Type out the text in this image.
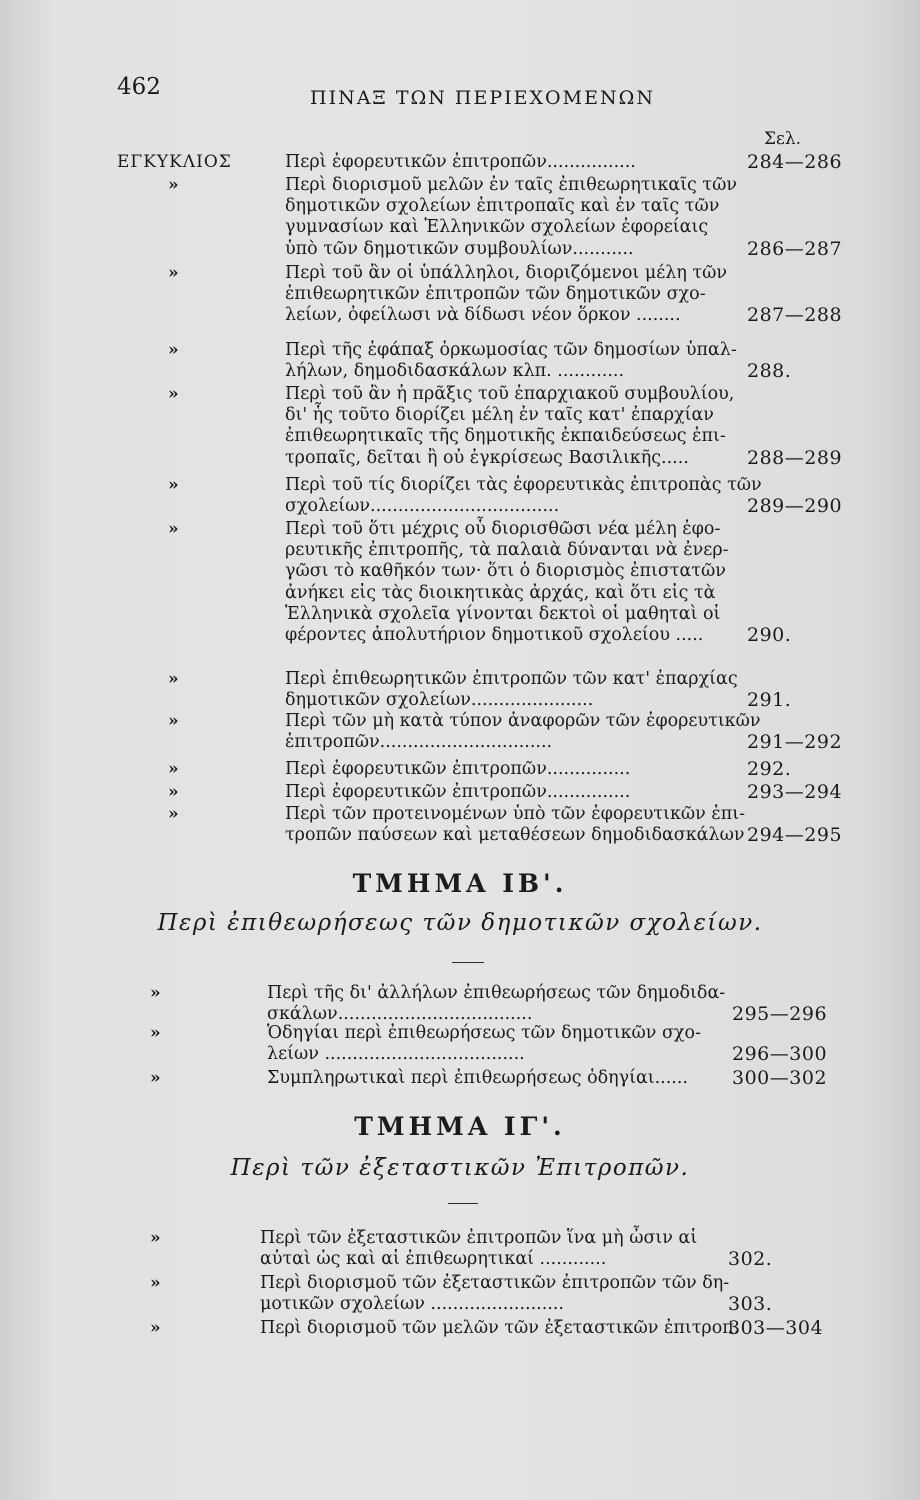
462	ΠΙΝΑΞ ΤΩΝ ΠΕΡΙΕΧΟΜΕΝΩΝ
Σελ.
ΕΓΚΥΚΛΙΟΣ	Περὶ ἐφορευτικῶν ἐπιτροπῶν................	284—286
»	Περὶ διορισμοῦ μελῶν ἐν ταῖς ἐπιθεωρητικαῖς τῶν
δημοτικῶν σχολείων ἐπιτροπαῖς καὶ ἐν ταῖς τῶν
γυμνασίων καὶ Ἑλληνικῶν σχολείων ἐφορείαις
ὑπὸ τῶν δημοτικῶν συμβουλίων...........	286—287
»	Περὶ τοῦ ἂν οἱ ὑπάλληλοι, διοριζόμενοι μέλη τῶν
ἐπιθεωρητικῶν ἐπιτροπῶν τῶν δημοτικῶν σχο-
λείων, ὀφείλωσι νὰ δίδωσι νέον ὅρκον ........	287—288
»	Περὶ τῆς ἐφάπαξ ὁρκωμοσίας τῶν δημοσίων ὑπαλ-
λήλων, δημοδιδασκάλων κλπ. ............	288.
»	Περὶ τοῦ ἂν ἡ πρᾶξις τοῦ ἐπαρχιακοῦ συμβουλίου,
δι' ἧς τοῦτο διορίζει μέλη ἐν ταῖς κατ' ἐπαρχίαν
ἐπιθεωρητικαῖς τῆς δημοτικῆς ἐκπαιδεύσεως ἐπι-
τροπαῖς, δεῖται ἢ οὐ ἐγκρίσεως Βασιλικῆς.....	288—289
»	Περὶ τοῦ τίς διορίζει τὰς ἐφορευτικὰς ἐπιτροπὰς τῶν
σχολείων..................................	289—290
»	Περὶ τοῦ ὅτι μέχρις οὗ διορισθῶσι νέα μέλη ἐφο-
ρευτικῆς ἐπιτροπῆς, τὰ παλαιὰ δύνανται νὰ ἐνερ-
γῶσι τὸ καθῆκόν των· ὅτι ὁ διορισμὸς ἐπιστατῶν
ἀνήκει εἰς τὰς διοικητικὰς ἀρχάς, καὶ ὅτι εἰς τὰ
Ἑλληνικὰ σχολεῖα γίνονται δεκτοὶ οἱ μαθηταὶ οἱ
φέροντες ἀπολυτήριον δημοτικοῦ σχολείου .....	290.
»	Περὶ ἐπιθεωρητικῶν ἐπιτροπῶν τῶν κατ' ἐπαρχίας
δημοτικῶν σχολείων......................	291.
»	Περὶ τῶν μὴ κατὰ τύπον ἀναφορῶν τῶν ἐφορευτικῶν
ἐπιτροπῶν...............................	291—292
»	Περὶ ἐφορευτικῶν ἐπιτροπῶν...............	292.
»	Περὶ ἐφορευτικῶν ἐπιτροπῶν...............	293—294
»	Περὶ τῶν προτεινομένων ὑπὸ τῶν ἐφορευτικῶν ἐπι-
τροπῶν παύσεων καὶ μεταθέσεων δημοδιδασκάλων 294—295
ΤΜΗΜΑ ΙΒ'.
Περὶ ἐπιθεωρήσεως τῶν δημοτικῶν σχολείων.
»	Περὶ τῆς δι' ἀλλήλων ἐπιθεωρήσεως τῶν δημοδιδα-
σκάλων...................................	295—296
»	Ὁδηγίαι περὶ ἐπιθεωρήσεως τῶν δημοτικῶν σχο-
λείων ....................................	296—300
»	Συμπληρωτικαὶ περὶ ἐπιθεωρήσεως ὁδηγίαι...... 300—302
ΤΜΗΜΑ ΙΓ'.
Περὶ τῶν ἐξεταστικῶν Ἐπιτροπῶν.
»	Περὶ τῶν ἐξεταστικῶν ἐπιτροπῶν ἵνα μὴ ὦσιν αἱ
αὐταὶ ὡς καὶ αἱ ἐπιθεωρητικαί ............	302.
»	Περὶ διορισμοῦ τῶν ἐξεταστικῶν ἐπιτροπῶν τῶν δη-
μοτικῶν σχολείων ........................	303.
»	Περὶ διορισμοῦ τῶν μελῶν τῶν ἐξεταστικῶν ἐπιτροπ.
303—304
